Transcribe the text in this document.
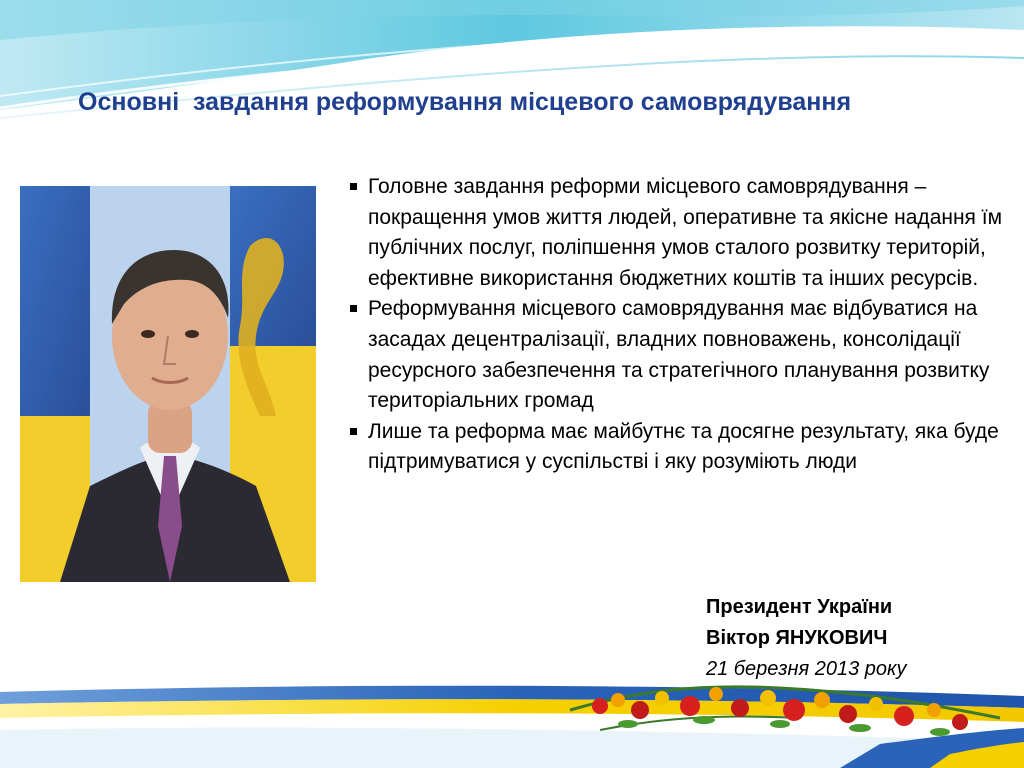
Основні  завдання реформування місцевого самоврядування
Головне завдання реформи місцевого самоврядування – покращення умов життя людей, оперативне та якісне надання їм публічних послуг, поліпшення умов сталого розвитку територій, ефективне використання бюджетних коштів та інших ресурсів.
Реформування місцевого самоврядування має відбуватися на засадах децентралізації, владних повноважень, консолідації ресурсного забезпечення та стратегічного планування розвитку територіальних громад
Лише та реформа має майбутнє та досягне результату, яка буде підтримуватися у суспільстві і яку розуміють люди
Президент України
Віктор ЯНУКОВИЧ
21 березня 2013 року
